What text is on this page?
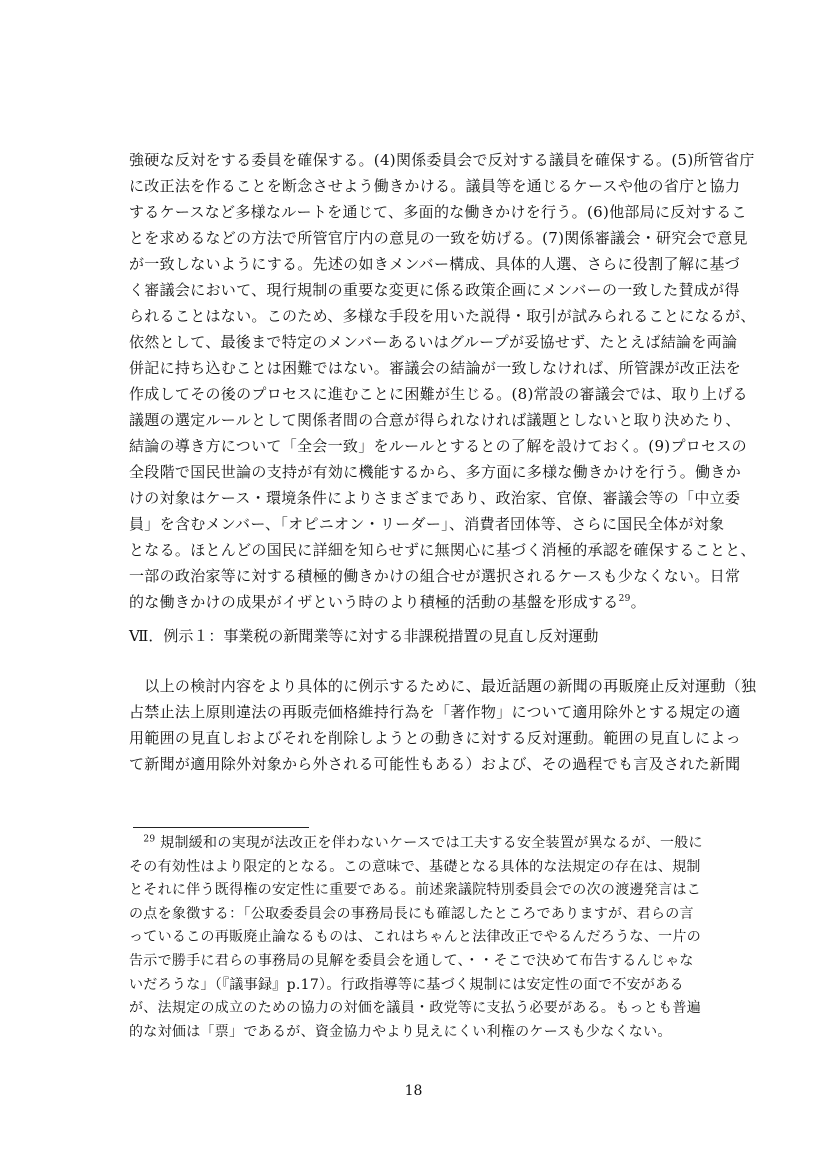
強硬な反対をする委員を確保する。(4)関係委員会で反対する議員を確保する。(5)所管省庁
に改正法を作ることを断念させよう働きかける。議員等を通じるケースや他の省庁と協力
するケースなど多様なルートを通じて、多面的な働きかけを行う。(6)他部局に反対するこ
とを求めるなどの方法で所管官庁内の意見の一致を妨げる。(7)関係審議会・研究会で意見
が一致しないようにする。先述の如きメンバー構成、具体的人選、さらに役割了解に基づ
く審議会において、現行規制の重要な変更に係る政策企画にメンバーの一致した賛成が得
られることはない。このため、多様な手段を用いた説得・取引が試みられることになるが、
依然として、最後まで特定のメンバーあるいはグループが妥協せず、たとえば結論を両論
併記に持ち込むことは困難ではない。審議会の結論が一致しなければ、所管課が改正法を
作成してその後のプロセスに進むことに困難が生じる。(8)常設の審議会では、取り上げる
議題の選定ルールとして関係者間の合意が得られなければ議題としないと取り決めたり、
結論の導き方について「全会一致」をルールとするとの了解を設けておく。(9)プロセスの
全段階で国民世論の支持が有効に機能するから、多方面に多様な働きかけを行う。働きか
けの対象はケース・環境条件によりさまざまであり、政治家、官僚、審議会等の「中立委
員」を含むメンバー、「オピニオン・リーダー」、消費者団体等、さらに国民全体が対象
となる。ほとんどの国民に詳細を知らせずに無関心に基づく消極的承認を確保することと、
一部の政治家等に対する積極的働きかけの組合せが選択されるケースも少なくない。日常
的な働きかけの成果がイザという時のより積極的活動の基盤を形成する$^{29}$。
Ⅶ．例示１：事業税の新聞業等に対する非課税措置の見直し反対運動
　以上の検討内容をより具体的に例示するために、最近話題の新聞の再販廃止反対運動（独
占禁止法上原則違法の再販売価格維持行為を「著作物」について適用除外とする規定の適
用範囲の見直しおよびそれを削除しようとの動きに対する反対運動。範囲の見直しによっ
て新聞が適用除外対象から外される可能性もある）および、その過程でも言及された新聞
　$^{29}$ 規制緩和の実現が法改正を伴わないケースでは工夫する安全装置が異なるが、一般に
その有効性はより限定的となる。この意味で、基礎となる具体的な法規定の存在は、規制
とそれに伴う既得権の安定性に重要である。前述衆議院特別委員会での次の渡邊発言はこ
の点を象徴する：「公取委委員会の事務局長にも確認したところでありますが、君らの言
っているこの再販廃止論なるものは、これはちゃんと法律改正でやるんだろうな、一片の
告示で勝手に君らの事務局の見解を委員会を通して、・・そこで決めて布告するんじゃな
いだろうな」（『議事録』p.17）。行政指導等に基づく規制には安定性の面で不安がある
が、法規定の成立のための協力の対価を議員・政党等に支払う必要がある。もっとも普遍
的な対価は「票」であるが、資金協力やより見えにくい利権のケースも少なくない。
18
